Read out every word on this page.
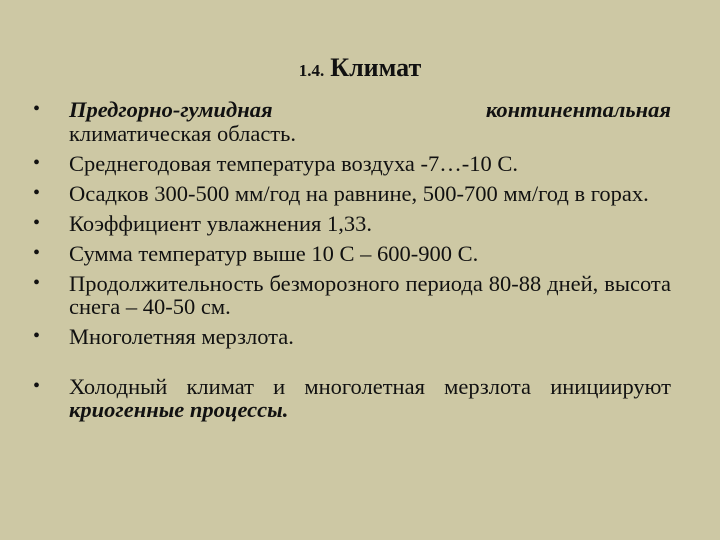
1.4. Климат
•	Предгорно-гумидная	континентальная
климатическая область.
•	Среднегодовая температура воздуха -7…-10 С.
•	Осадков 300-500 мм/год на равнине, 500-700 мм/год в горах.
•	Коэффициент увлажнения 1,33.
•	Сумма температур выше 10 С – 600-900 С.
•	Продолжительность безморозного периода 80-88 дней, высота снега – 40-50 см.
•	Многолетняя мерзлота.
•	Холодный климат и многолетная мерзлота инициируют криогенные процессы.
